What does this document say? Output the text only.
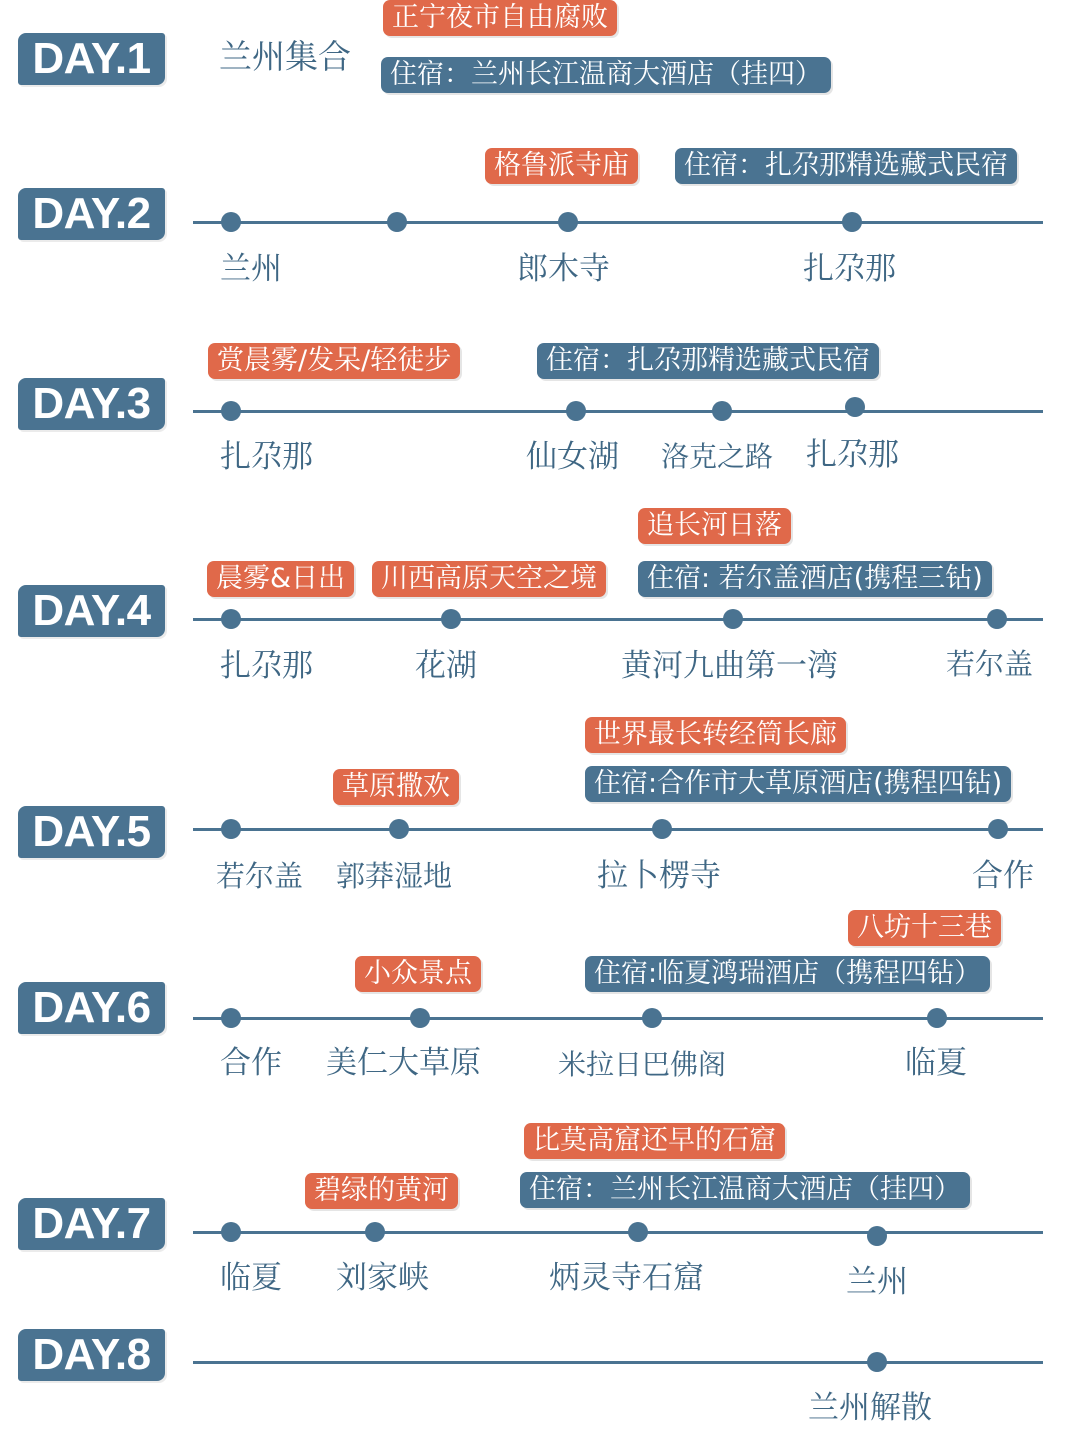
DAY.1	兰州集合
正宁夜市自由腐败
住宿：兰州长江温商大酒店（挂四）
DAY.2
兰州	郎木寺	扎尕那
格鲁派寺庙	住宿：扎尕那精选藏式民宿
DAY.3
扎尕那	仙女湖 洛克之路 扎尕那
赏晨雾/发呆/轻徒步	住宿：扎尕那精选藏式民宿
DAY.4
扎尕那	花湖	黄河九曲第一湾	若尔盖
晨雾&日出	川西高原天空之境
追长河日落
住宿: 若尔盖酒店(携程三钻)
DAY.5
若尔盖 郭莽湿地	拉卜楞寺	合作
草原撒欢
世界最长转经筒长廊
住宿:合作市大草原酒店(携程四钻)
DAY.6
合作 美仁大草原	米拉日巴佛阁	临夏
小众景点
八坊十三巷
住宿:临夏鸿瑞酒店（携程四钻）
DAY.7
临夏 刘家峡	炳灵寺石窟	兰州
碧绿的黄河
比莫高窟还早的石窟
住宿：兰州长江温商大酒店（挂四）
DAY.8
兰州解散
